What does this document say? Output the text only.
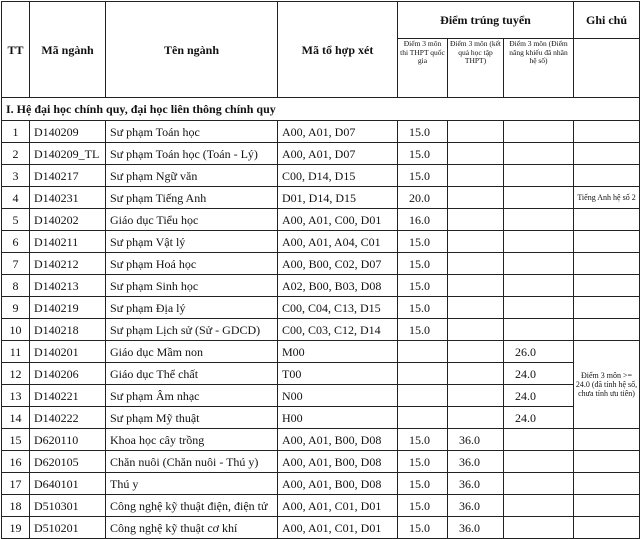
TT	Mã ngành	Tên ngành	Mã tổ hợp xét	Điểm trúng tuyển			Ghi chú
				Điểm 3 môn thi THPT quốc gia	Điểm 3 môn (kết quả học tập THPT)	Điểm 3 môn (Điểm năng khiếu đã nhân hệ số)	
I. Hệ đại học chính quy, đại học liên thông chính quy							
1	D140209	Sư phạm Toán học	A00, A01, D07	15.0			
2	D140209_TL	Sư phạm Toán học (Toán - Lý)	A00, A01, D07	15.0			
3	D140217	Sư phạm Ngữ văn	C00, D14, D15	15.0			
4	D140231	Sư phạm Tiếng Anh	D01, D14, D15	20.0			Tiếng Anh hệ số 2
5	D140202	Giáo dục Tiểu học	A00, A01, C00, D01	16.0			
6	D140211	Sư phạm Vật lý	A00, A01, A04, C01	15.0			
7	D140212	Sư phạm Hoá học	A00, B00, C02, D07	15.0			
8	D140213	Sư phạm Sinh học	A02, B00, B03, D08	15.0			
9	D140219	Sư phạm Địa lý	C00, C04, C13, D15	15.0			
10	D140218	Sư phạm Lịch sử (Sử - GDCD)	C00, C03, C12, D14	15.0			
11	D140201	Giáo dục Mầm non	M00			26.0	Điểm 3 môn >= 24.0 (đã tính hệ số, chưa tính ưu tiên)
12	D140206	Giáo dục Thể chất	T00			24.0	
13	D140221	Sư phạm Âm nhạc	N00			24.0	
14	D140222	Sư phạm Mỹ thuật	H00			24.0	
15	D620110	Khoa học cây trồng	A00, A01, B00, D08	15.0	36.0		
16	D620105	Chăn nuôi (Chăn nuôi - Thú y)	A00, A01, B00, D08	15.0	36.0		
17	D640101	Thú y	A00, A01, B00, D08	15.0	36.0		
18	D510301	Công nghệ kỹ thuật điện, điện tử	A00, A01, C01, D01	15.0	36.0		
19	D510201	Công nghệ kỹ thuật cơ khí	A00, A01, C01, D01	15.0	36.0		
